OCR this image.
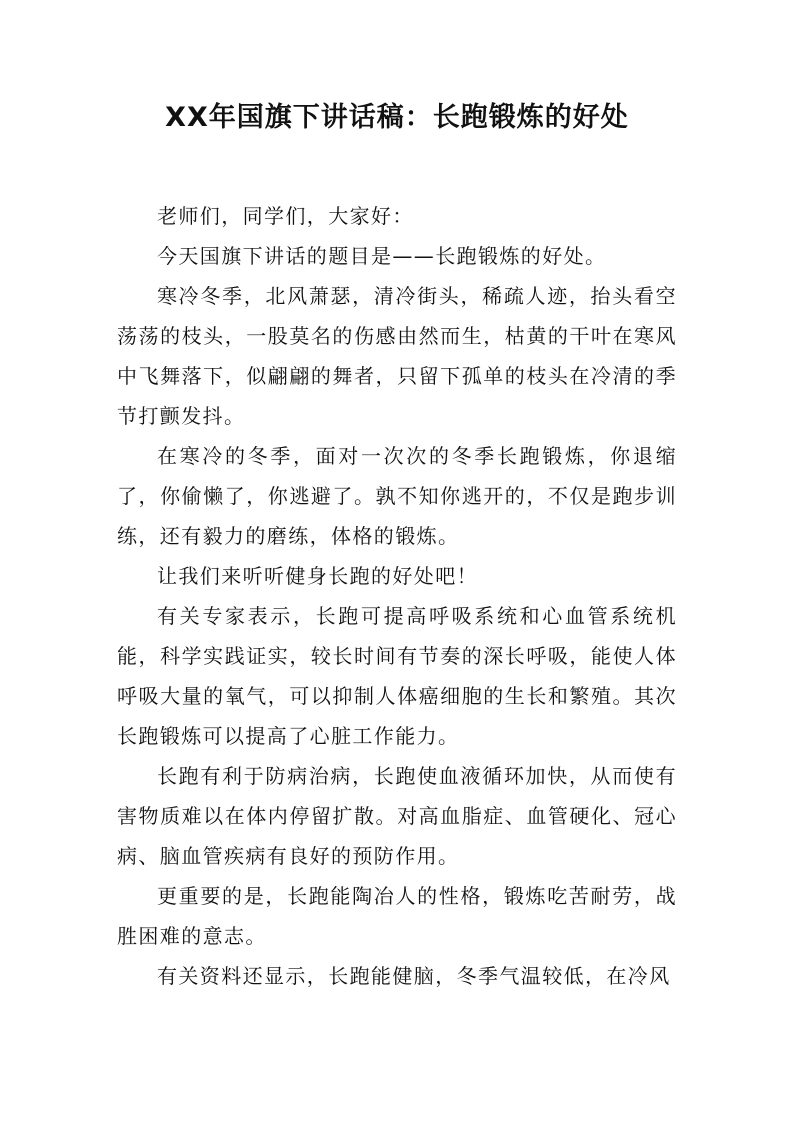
XX年国旗下讲话稿：长跑锻炼的好处

老师们，同学们，大家好：

今天国旗下讲话的题目是——长跑锻炼的好处。

寒冷冬季，北风萧瑟，清冷街头，稀疏人迹，抬头看空荡荡的枝头，一股莫名的伤感由然而生，枯黄的干叶在寒风中飞舞落下，似翩翩的舞者，只留下孤单的枝头在冷清的季节打颤发抖。

在寒冷的冬季，面对一次次的冬季长跑锻炼，你退缩了，你偷懒了，你逃避了。孰不知你逃开的，不仅是跑步训练，还有毅力的磨练，体格的锻炼。

让我们来听听健身长跑的好处吧！

有关专家表示，长跑可提高呼吸系统和心血管系统机能，科学实践证实，较长时间有节奏的深长呼吸，能使人体呼吸大量的氧气，可以抑制人体癌细胞的生长和繁殖。其次长跑锻炼可以提高了心脏工作能力。

长跑有利于防病治病，长跑使血液循环加快，从而使有害物质难以在体内停留扩散。对高血脂症、血管硬化、冠心病、脑血管疾病有良好的预防作用。

更重要的是，长跑能陶冶人的性格，锻炼吃苦耐劳，战胜困难的意志。

有关资料还显示，长跑能健脑，冬季气温较低，在冷风
